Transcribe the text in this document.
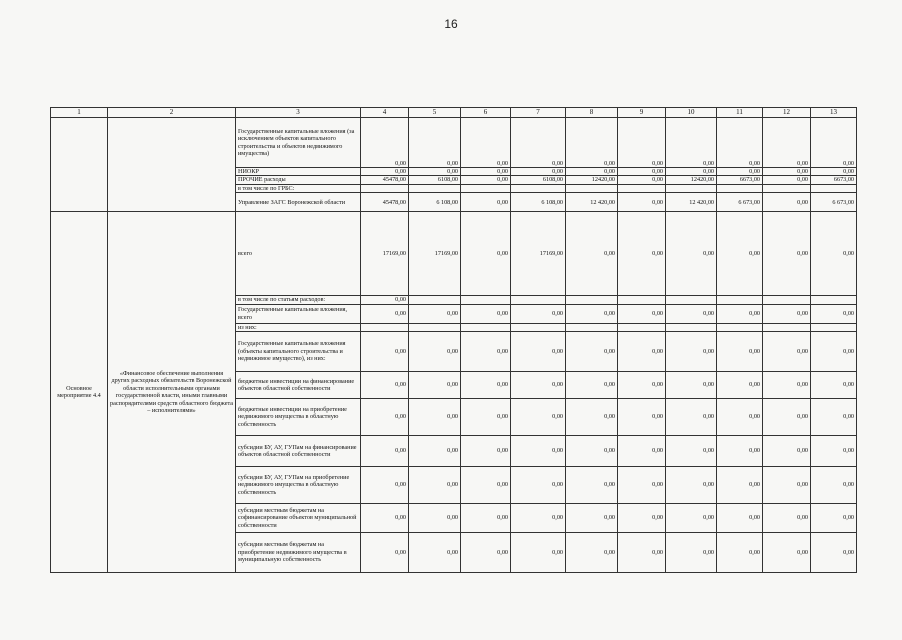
16
1	2	3	4	5	6	7	8	9	10	11	12	13
		Государственные капитальные вложения (за исключением объектов капитального строительства и объектов недвижимого имущества)	0,00	0,00	0,00	0,00	0,00	0,00	0,00	0,00	0,00	0,00
		НИОКР	0,00	0,00	0,00	0,00	0,00	0,00	0,00	0,00	0,00	0,00
		ПРОЧИЕ расходы	45478,00	6108,00	0,00	6108,00	12420,00	0,00	12420,00	6673,00	0,00	6673,00
		в том числе по ГРБС:										
		Управление ЗАГС Воронежской области	45478,00	6 108,00	0,00	6 108,00	12 420,00	0,00	12 420,00	6 673,00	0,00	6 673,00
Основное мероприятие 4.4	«Финансовое обеспечение выполнения других расходных обязательств Воронежской области исполнительными органами государственной власти, иными главными распорядителями средств областного бюджета – исполнителями»	всего	17169,00	17169,00	0,00	17169,00	0,00	0,00	0,00	0,00	0,00	0,00
		в том числе по статьям расходов:	0,00									
		Государственные капитальные вложения, всего	0,00	0,00	0,00	0,00	0,00	0,00	0,00	0,00	0,00	0,00
		из них:										
		Государственные капитальные вложения (объекты капитального строительства и недвижимое имущество), из них:	0,00	0,00	0,00	0,00	0,00	0,00	0,00	0,00	0,00	0,00
		бюджетные инвестиции на финансирование объектов областной собственности	0,00	0,00	0,00	0,00	0,00	0,00	0,00	0,00	0,00	0,00
		бюджетные инвестиции на приобретение недвижимого имущества в областную собственность	0,00	0,00	0,00	0,00	0,00	0,00	0,00	0,00	0,00	0,00
		субсидии БУ, АУ, ГУПам на финансирование объектов областной собственности	0,00	0,00	0,00	0,00	0,00	0,00	0,00	0,00	0,00	0,00
		субсидии БУ, АУ, ГУПам на приобретение недвижимого имущества в областную собственность	0,00	0,00	0,00	0,00	0,00	0,00	0,00	0,00	0,00	0,00
		субсидии местным бюджетам на софинансирование объектов муниципальной собственности	0,00	0,00	0,00	0,00	0,00	0,00	0,00	0,00	0,00	0,00
		субсидии местным бюджетам на приобретение недвижимого имущества в муниципальную собственность	0,00	0,00	0,00	0,00	0,00	0,00	0,00	0,00	0,00	0,00
